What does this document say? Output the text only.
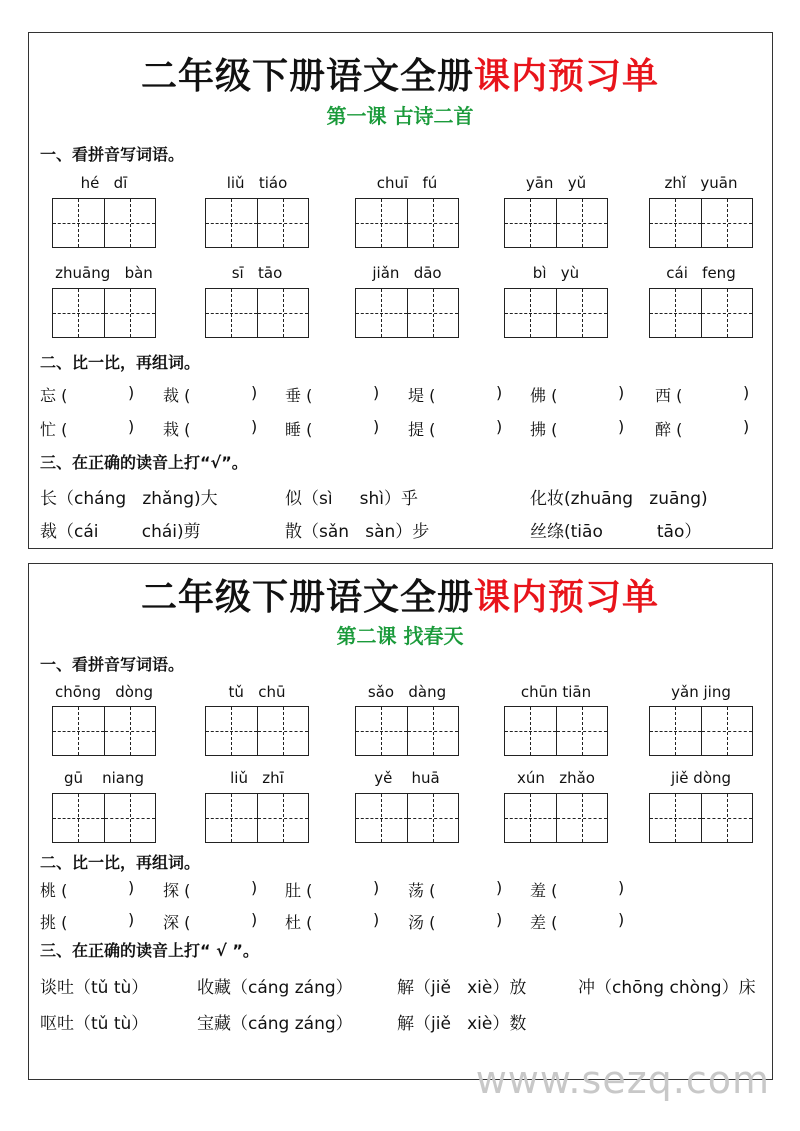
www.sezq.com
二年级下册语文全册课内预习单
第一课 古诗二首
一、看拼音写词语。
hé   dī	liǔ   tiáo	chuī   fú	yān   yǔ	zhǐ   yuān
zhuāng   bàn	sī   tāo	jiǎn   dāo	bì   yù	cái   feng
二、比一比，再组词。
忘 (	) 裁 (	) 垂 (	) 堤 (	) 佛 (	) 西 (	)
忙 (	) 栽 (	) 睡 (	) 提 (	) 拂 (	) 醉 (	)
三、在正确的读音上打“√”。
长（cháng   zhǎng)大	似（sì     shì）乎	化妆(zhuāng   zuāng)
裁（cái        chái)剪	散（sǎn   sàn）步	丝绦(tiāo          tāo）
二年级下册语文全册课内预习单
第二课 找春天
一、看拼音写词语。
chōng   dòng	tǔ   chū	sǎo   dàng	chūn tiān	yǎn jing
gū    niang	liǔ   zhī	yě    huā	xún   zhǎo	jiě dòng
二、比一比，再组词。
桃 (	) 探 (	) 肚 (	) 荡 (	) 羞 (	)
挑 (	) 深 (	) 杜 (	) 汤 (	) 差 (	)
三、在正确的读音上打“ √ ”。
谈吐（tǔ tù）	收藏（cáng záng）	解（jiě   xiè）放	冲（chōng chòng）床
呕吐（tǔ tù）	宝藏（cáng záng）	解（jiě   xiè）数
